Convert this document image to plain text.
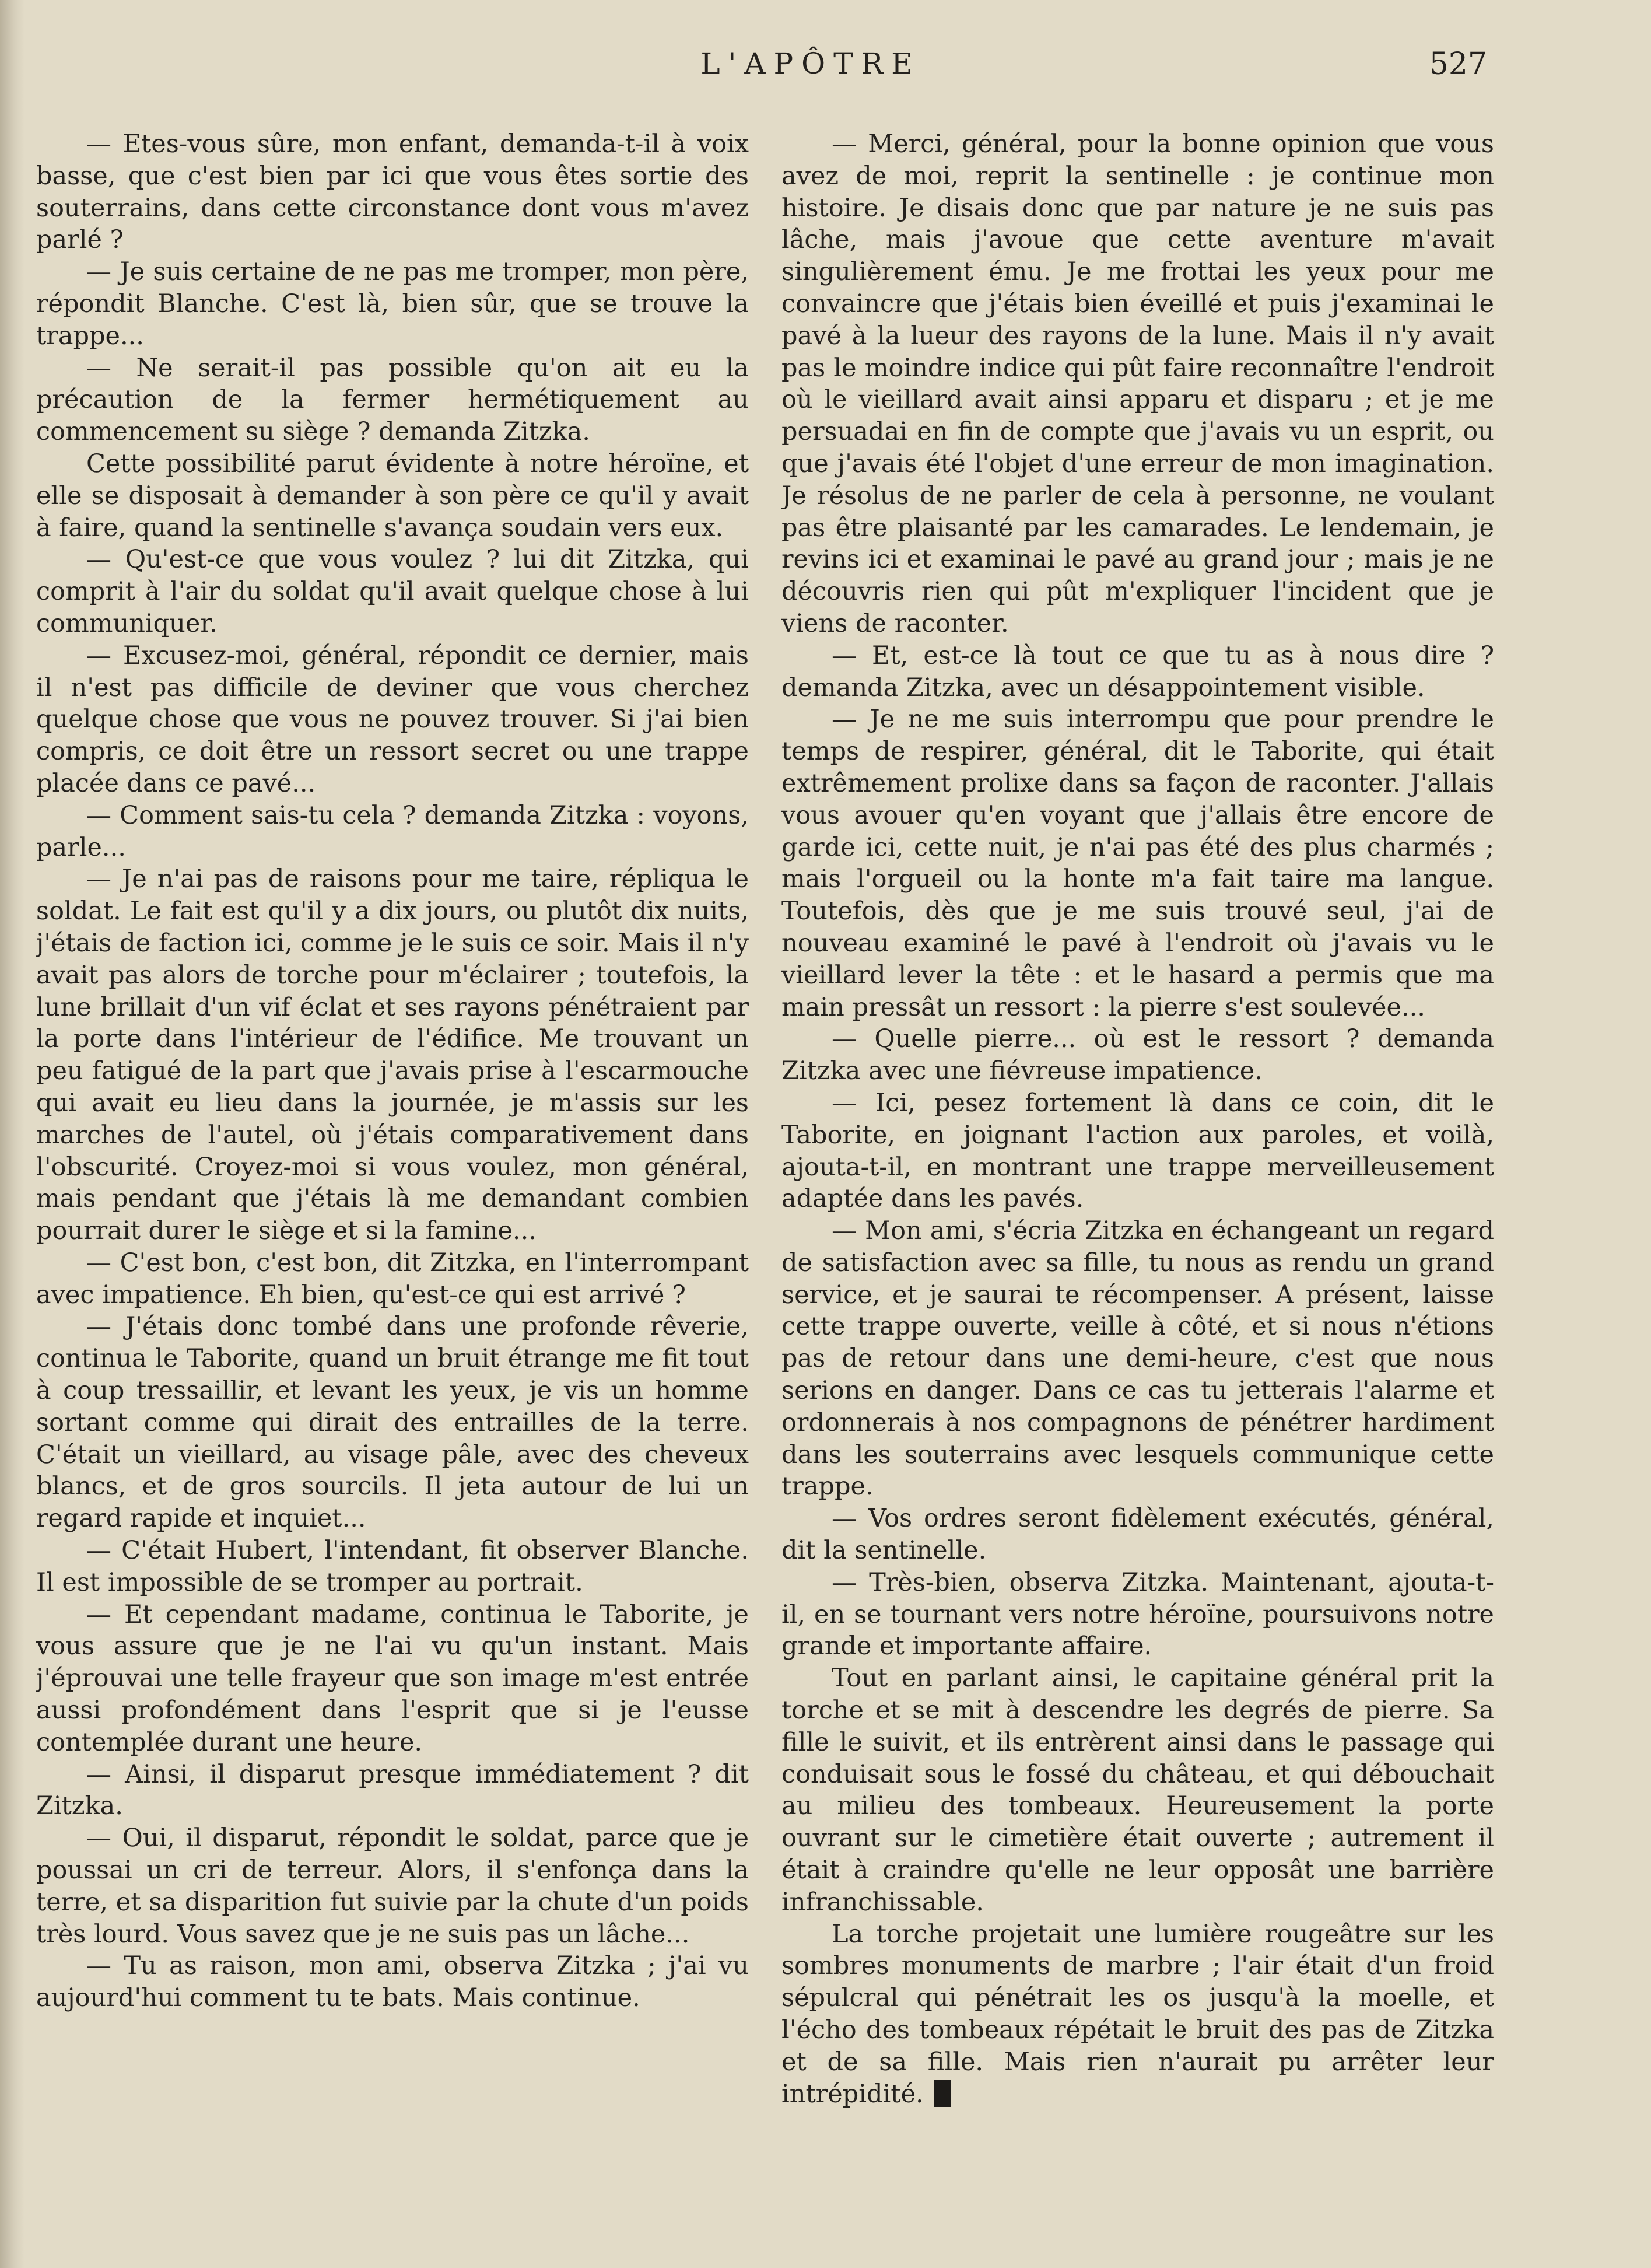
L'APÔTRE	527

— Etes-vous sûre, mon enfant, demanda-t-il à voix basse, que c'est bien par ici que vous êtes sortie des souterrains, dans cette circonstance dont vous m'avez parlé ?

— Je suis certaine de ne pas me tromper, mon père, répondit Blanche. C'est là, bien sûr, que se trouve la trappe...

— Ne serait-il pas possible qu'on ait eu la précaution de la fermer hermétiquement au commencement su siège ? demanda Zitzka.

Cette possibilité parut évidente à notre héroïne, et elle se disposait à demander à son père ce qu'il y avait à faire, quand la sentinelle s'avança soudain vers eux.

— Qu'est-ce que vous voulez ? lui dit Zitzka, qui comprit à l'air du soldat qu'il avait quelque chose à lui communiquer.

— Excusez-moi, général, répondit ce dernier, mais il n'est pas difficile de deviner que vous cherchez quelque chose que vous ne pouvez trouver. Si j'ai bien compris, ce doit être un ressort secret ou une trappe placée dans ce pavé...

— Comment sais-tu cela ? demanda Zitzka : voyons, parle...

— Je n'ai pas de raisons pour me taire, répliqua le soldat. Le fait est qu'il y a dix jours, ou plutôt dix nuits, j'étais de faction ici, comme je le suis ce soir. Mais il n'y avait pas alors de torche pour m'éclairer ; toutefois, la lune brillait d'un vif éclat et ses rayons pénétraient par la porte dans l'intérieur de l'édifice. Me trouvant un peu fatigué de la part que j'avais prise à l'escarmouche qui avait eu lieu dans la journée, je m'assis sur les marches de l'autel, où j'étais comparativement dans l'obscurité. Croyez-moi si vous voulez, mon général, mais pendant que j'étais là me demandant combien pourrait durer le siège et si la famine...

— C'est bon, c'est bon, dit Zitzka, en l'interrompant avec impatience. Eh bien, qu'est-ce qui est arrivé ?

— J'étais donc tombé dans une profonde rêverie, continua le Taborite, quand un bruit étrange me fit tout à coup tressaillir, et levant les yeux, je vis un homme sortant comme qui dirait des entrailles de la terre. C'était un vieillard, au visage pâle, avec des cheveux blancs, et de gros sourcils. Il jeta autour de lui un regard rapide et inquiet...

— C'était Hubert, l'intendant, fit observer Blanche. Il est impossible de se tromper au portrait.

— Et cependant madame, continua le Taborite, je vous assure que je ne l'ai vu qu'un instant. Mais j'éprouvai une telle frayeur que son image m'est entrée aussi profondément dans l'esprit que si je l'eusse contemplée durant une heure.

— Ainsi, il disparut presque immédiatement ? dit Zitzka.

— Oui, il disparut, répondit le soldat, parce que je poussai un cri de terreur. Alors, il s'enfonça dans la terre, et sa disparition fut suivie par la chute d'un poids très lourd. Vous savez que je ne suis pas un lâche...

— Tu as raison, mon ami, observa Zitzka ; j'ai vu aujourd'hui comment tu te bats. Mais continue.

— Merci, général, pour la bonne opinion que vous avez de moi, reprit la sentinelle : je continue mon histoire. Je disais donc que par nature je ne suis pas lâche, mais j'avoue que cette aventure m'avait singulièrement ému. Je me frottai les yeux pour me convaincre que j'étais bien éveillé et puis j'examinai le pavé à la lueur des rayons de la lune. Mais il n'y avait pas le moindre indice qui pût faire reconnaître l'endroit où le vieillard avait ainsi apparu et disparu ; et je me persuadai en fin de compte que j'avais vu un esprit, ou que j'avais été l'objet d'une erreur de mon imagination. Je résolus de ne parler de cela à personne, ne voulant pas être plaisanté par les camarades. Le lendemain, je revins ici et examinai le pavé au grand jour ; mais je ne découvris rien qui pût m'expliquer l'incident que je viens de raconter.

— Et, est-ce là tout ce que tu as à nous dire ? demanda Zitzka, avec un désappointement visible.

— Je ne me suis interrompu que pour prendre le temps de respirer, général, dit le Taborite, qui était extrêmement prolixe dans sa façon de raconter. J'allais vous avouer qu'en voyant que j'allais être encore de garde ici, cette nuit, je n'ai pas été des plus charmés ; mais l'orgueil ou la honte m'a fait taire ma langue. Toutefois, dès que je me suis trouvé seul, j'ai de nouveau examiné le pavé à l'endroit où j'avais vu le vieillard lever la tête : et le hasard a permis que ma main pressât un ressort : la pierre s'est soulevée...

— Quelle pierre... où est le ressort ? demanda Zitzka avec une fiévreuse impatience.

— Ici, pesez fortement là dans ce coin, dit le Taborite, en joignant l'action aux paroles, et voilà, ajouta-t-il, en montrant une trappe merveilleusement adaptée dans les pavés.

— Mon ami, s'écria Zitzka en échangeant un regard de satisfaction avec sa fille, tu nous as rendu un grand service, et je saurai te récompenser. A présent, laisse cette trappe ouverte, veille à côté, et si nous n'étions pas de retour dans une demi-heure, c'est que nous serions en danger. Dans ce cas tu jetterais l'alarme et ordonnerais à nos compagnons de pénétrer hardiment dans les souterrains avec lesquels communique cette trappe.

— Vos ordres seront fidèlement exécutés, général, dit la sentinelle.

— Très-bien, observa Zitzka. Maintenant, ajouta-t-il, en se tournant vers notre héroïne, poursuivons notre grande et importante affaire.

Tout en parlant ainsi, le capitaine général prit la torche et se mit à descendre les degrés de pierre. Sa fille le suivit, et ils entrèrent ainsi dans le passage qui conduisait sous le fossé du château, et qui débouchait au milieu des tombeaux. Heureusement la porte ouvrant sur le cimetière était ouverte ; autrement il était à craindre qu'elle ne leur opposât une barrière infranchissable.

La torche projetait une lumière rougeâtre sur les sombres monuments de marbre ; l'air était d'un froid sépulcral qui pénétrait les os jusqu'à la moelle, et l'écho des tombeaux répétait le bruit des pas de Zitzka et de sa fille. Mais rien n'aurait pu arrêter leur intrépidité.
